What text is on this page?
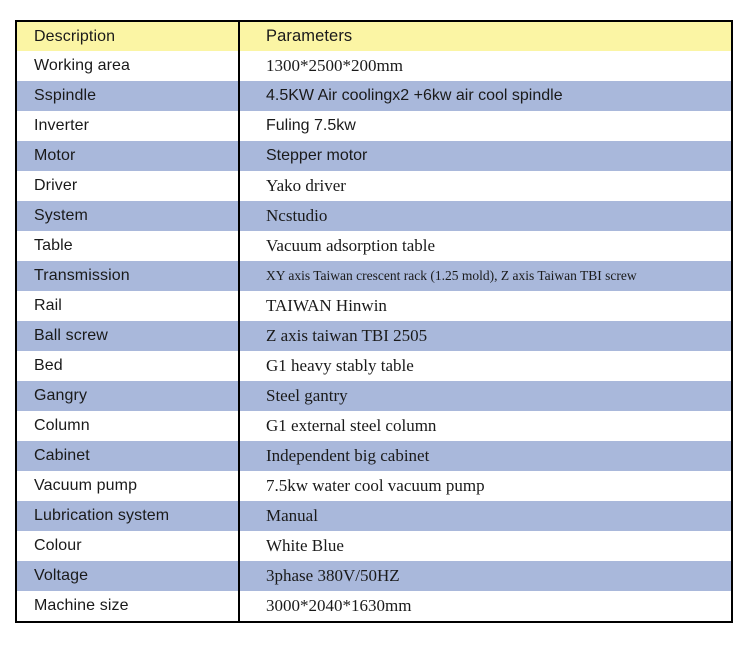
Description	Parameters
Working area	1300*2500*200mm
Sspindle	4.5KW Air coolingx2 +6kw air cool spindle
Inverter	Fuling 7.5kw
Motor	Stepper motor
Driver	Yako driver
System	Ncstudio
Table	Vacuum adsorption table
Transmission	XY axis Taiwan crescent rack (1.25 mold), Z axis Taiwan TBI screw
Rail	TAIWAN Hinwin
Ball screw	Z axis taiwan TBI 2505
Bed	G1 heavy stably table
Gangry	Steel gantry
Column	G1 external steel column
Cabinet	Independent big cabinet
Vacuum pump	7.5kw water cool vacuum pump
Lubrication system	Manual
Colour	White Blue
Voltage	3phase 380V/50HZ
Machine size	3000*2040*1630mm
